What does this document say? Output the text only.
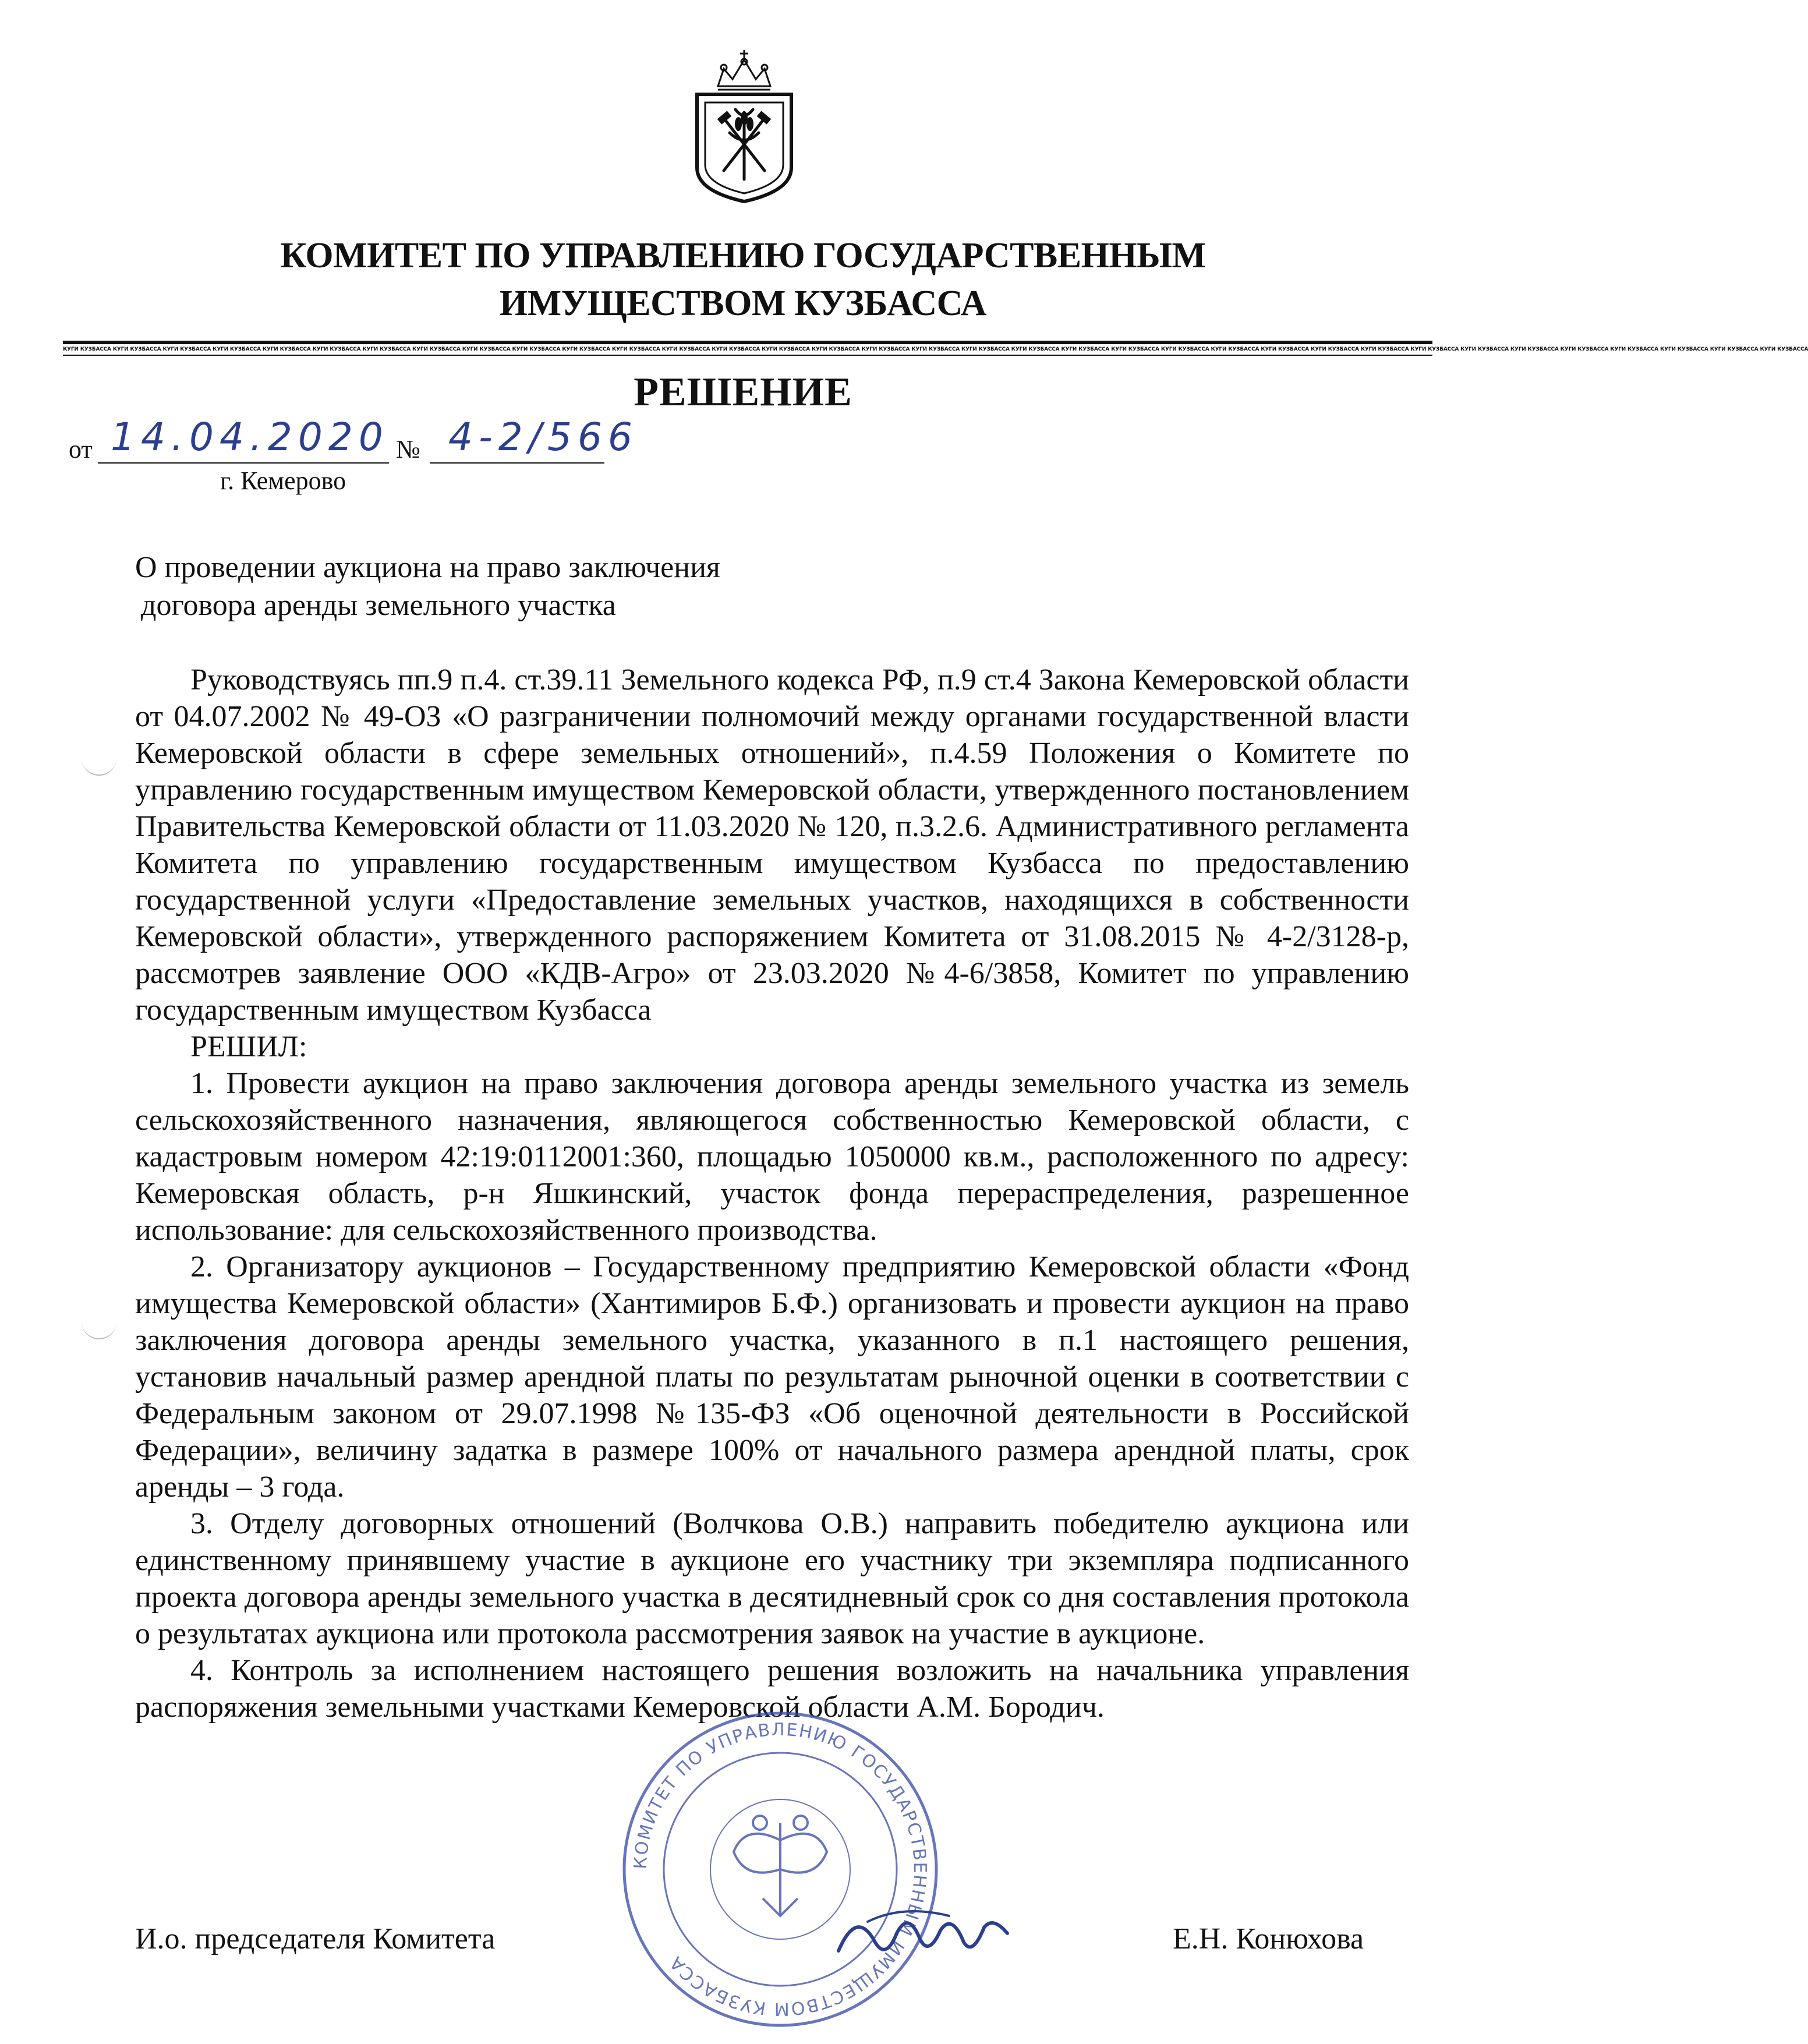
КОМИТЕТ ПО УПРАВЛЕНИЮ ГОСУДАРСТВЕННЫМ
ИМУЩЕСТВОМ КУЗБАССА
КУГИ КУЗБАССА КУГИ КУЗБАССА КУГИ КУЗБАССА КУГИ КУЗБАССА КУГИ КУЗБАССА КУГИ КУЗБАССА КУГИ КУЗБАССА КУГИ КУЗБАССА КУГИ КУЗБАССА КУГИ КУЗБАССА КУГИ КУЗБАССА КУГИ КУЗБАССА КУГИ КУЗБАССА КУГИ КУЗБАССА КУГИ КУЗБАССА КУГИ КУЗБАССА КУГИ КУЗБАССА КУГИ КУЗБАССА КУГИ КУЗБАССА КУГИ КУЗБАССА КУГИ КУЗБАССА КУГИ КУЗБАССА КУГИ КУЗБАССА КУГИ КУЗБАССА КУГИ КУЗБАССА КУГИ КУЗБАССА КУГИ КУЗБАССА КУГИ КУЗБАССА КУГИ КУЗБАССА КУГИ КУЗБАССА КУГИ КУЗБАССА КУГИ КУЗБАССА КУГИ КУЗБАССА КУГИ КУЗБАССА КУГИ КУЗБАССА
РЕШЕНИЕ
от 14.04.2020 № 4-2/566
г. Кемерово
О проведении аукциона на право заключения
договора аренды земельного участка

Руководствуясь пп.9 п.4. ст.39.11 Земельного кодекса РФ, п.9 ст.4 Закона Кемеровской области от 04.07.2002 № 49-ОЗ «О разграничении полномочий между органами государственной власти Кемеровской области в сфере земельных отношений», п.4.59 Положения о Комитете по управлению государственным имуществом Кемеровской области, утвержденного постановлением Правительства Кемеровской области от 11.03.2020 № 120, п.3.2.6. Административного регламента Комитета по управлению государственным имуществом Кузбасса по предоставлению государственной услуги «Предоставление земельных участков, находящихся в собственности Кемеровской области», утвержденного распоряжением Комитета от 31.08.2015 № 4-2/3128-р, рассмотрев заявление ООО «КДВ-Агро» от 23.03.2020 №4-6/3858, Комитет по управлению государственным имуществом Кузбасса

РЕШИЛ:

1. Провести аукцион на право заключения договора аренды земельного участка из земель сельскохозяйственного назначения, являющегося собственностью Кемеровской области, с кадастровым номером 42:19:0112001:360, площадью 1050000 кв.м., расположенного по адресу: Кемеровская область, р-н Яшкинский, участок фонда перераспределения, разрешенное использование: для сельскохозяйственного производства.

2. Организатору аукционов – Государственному предприятию Кемеровской области «Фонд имущества Кемеровской области» (Хантимиров Б.Ф.) организовать и провести аукцион на право заключения договора аренды земельного участка, указанного в п.1 настоящего решения, установив начальный размер арендной платы по результатам рыночной оценки в соответствии с Федеральным законом от 29.07.1998 №135-ФЗ «Об оценочной деятельности в Российской Федерации», величину задатка в размере 100% от начального размера арендной платы, срок аренды – 3 года.

3. Отделу договорных отношений (Волчкова О.В.) направить победителю аукциона или единственному принявшему участие в аукционе его участнику три экземпляра подписанного проекта договора аренды земельного участка в десятидневный срок со дня составления протокола о результатах аукциона или протокола рассмотрения заявок на участие в аукционе.

4. Контроль за исполнением настоящего решения возложить на начальника управления распоряжения земельными участками Кемеровской области А.М. Бородич.

КОМИТЕТ ПО УПРАВЛЕНИЮ ГОСУДАРСТВЕННЫМ ИМУЩЕСТВОМ КУЗБАССА
И.о. председателя Комитета	Е.Н. Конюхова
